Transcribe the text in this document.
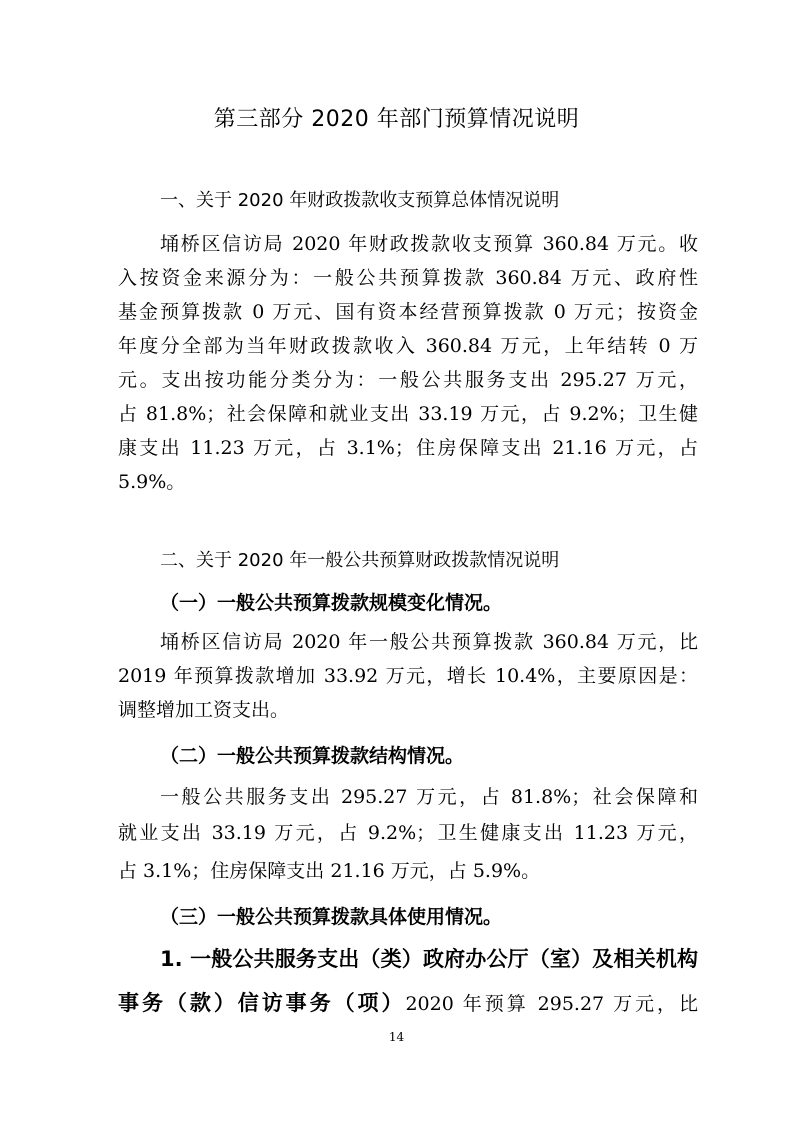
第三部分 2020 年部门预算情况说明
一、关于 2020 年财政拨款收支预算总体情况说明
埇桥区信访局 2020 年财政拨款收支预算 360.84 万元。收
入按资金来源分为：一般公共预算拨款 360.84 万元、政府性
基金预算拨款 0 万元、国有资本经营预算拨款 0 万元；按资金
年度分全部为当年财政拨款收入 360.84 万元，上年结转 0 万
元。支出按功能分类分为：一般公共服务支出 295.27 万元，
占 81.8%；社会保障和就业支出 33.19 万元，占 9.2%；卫生健
康支出 11.23 万元，占 3.1%；住房保障支出 21.16 万元，占
5.9%。
二、关于 2020 年一般公共预算财政拨款情况说明
（一）一般公共预算拨款规模变化情况。
埇桥区信访局 2020 年一般公共预算拨款 360.84 万元，比
2019 年预算拨款增加 33.92 万元，增长 10.4%，主要原因是：
调整增加工资支出。
（二）一般公共预算拨款结构情况。
一般公共服务支出 295.27 万元，占 81.8%；社会保障和
就业支出 33.19 万元，占 9.2%；卫生健康支出 11.23 万元，
占 3.1%；住房保障支出 21.16 万元，占 5.9%。
（三）一般公共预算拨款具体使用情况。
1. 一般公共服务支出（类）政府办公厅（室）及相关机构
事务（款）信访事务（项）2020 年预算 295.27 万元，比
14
